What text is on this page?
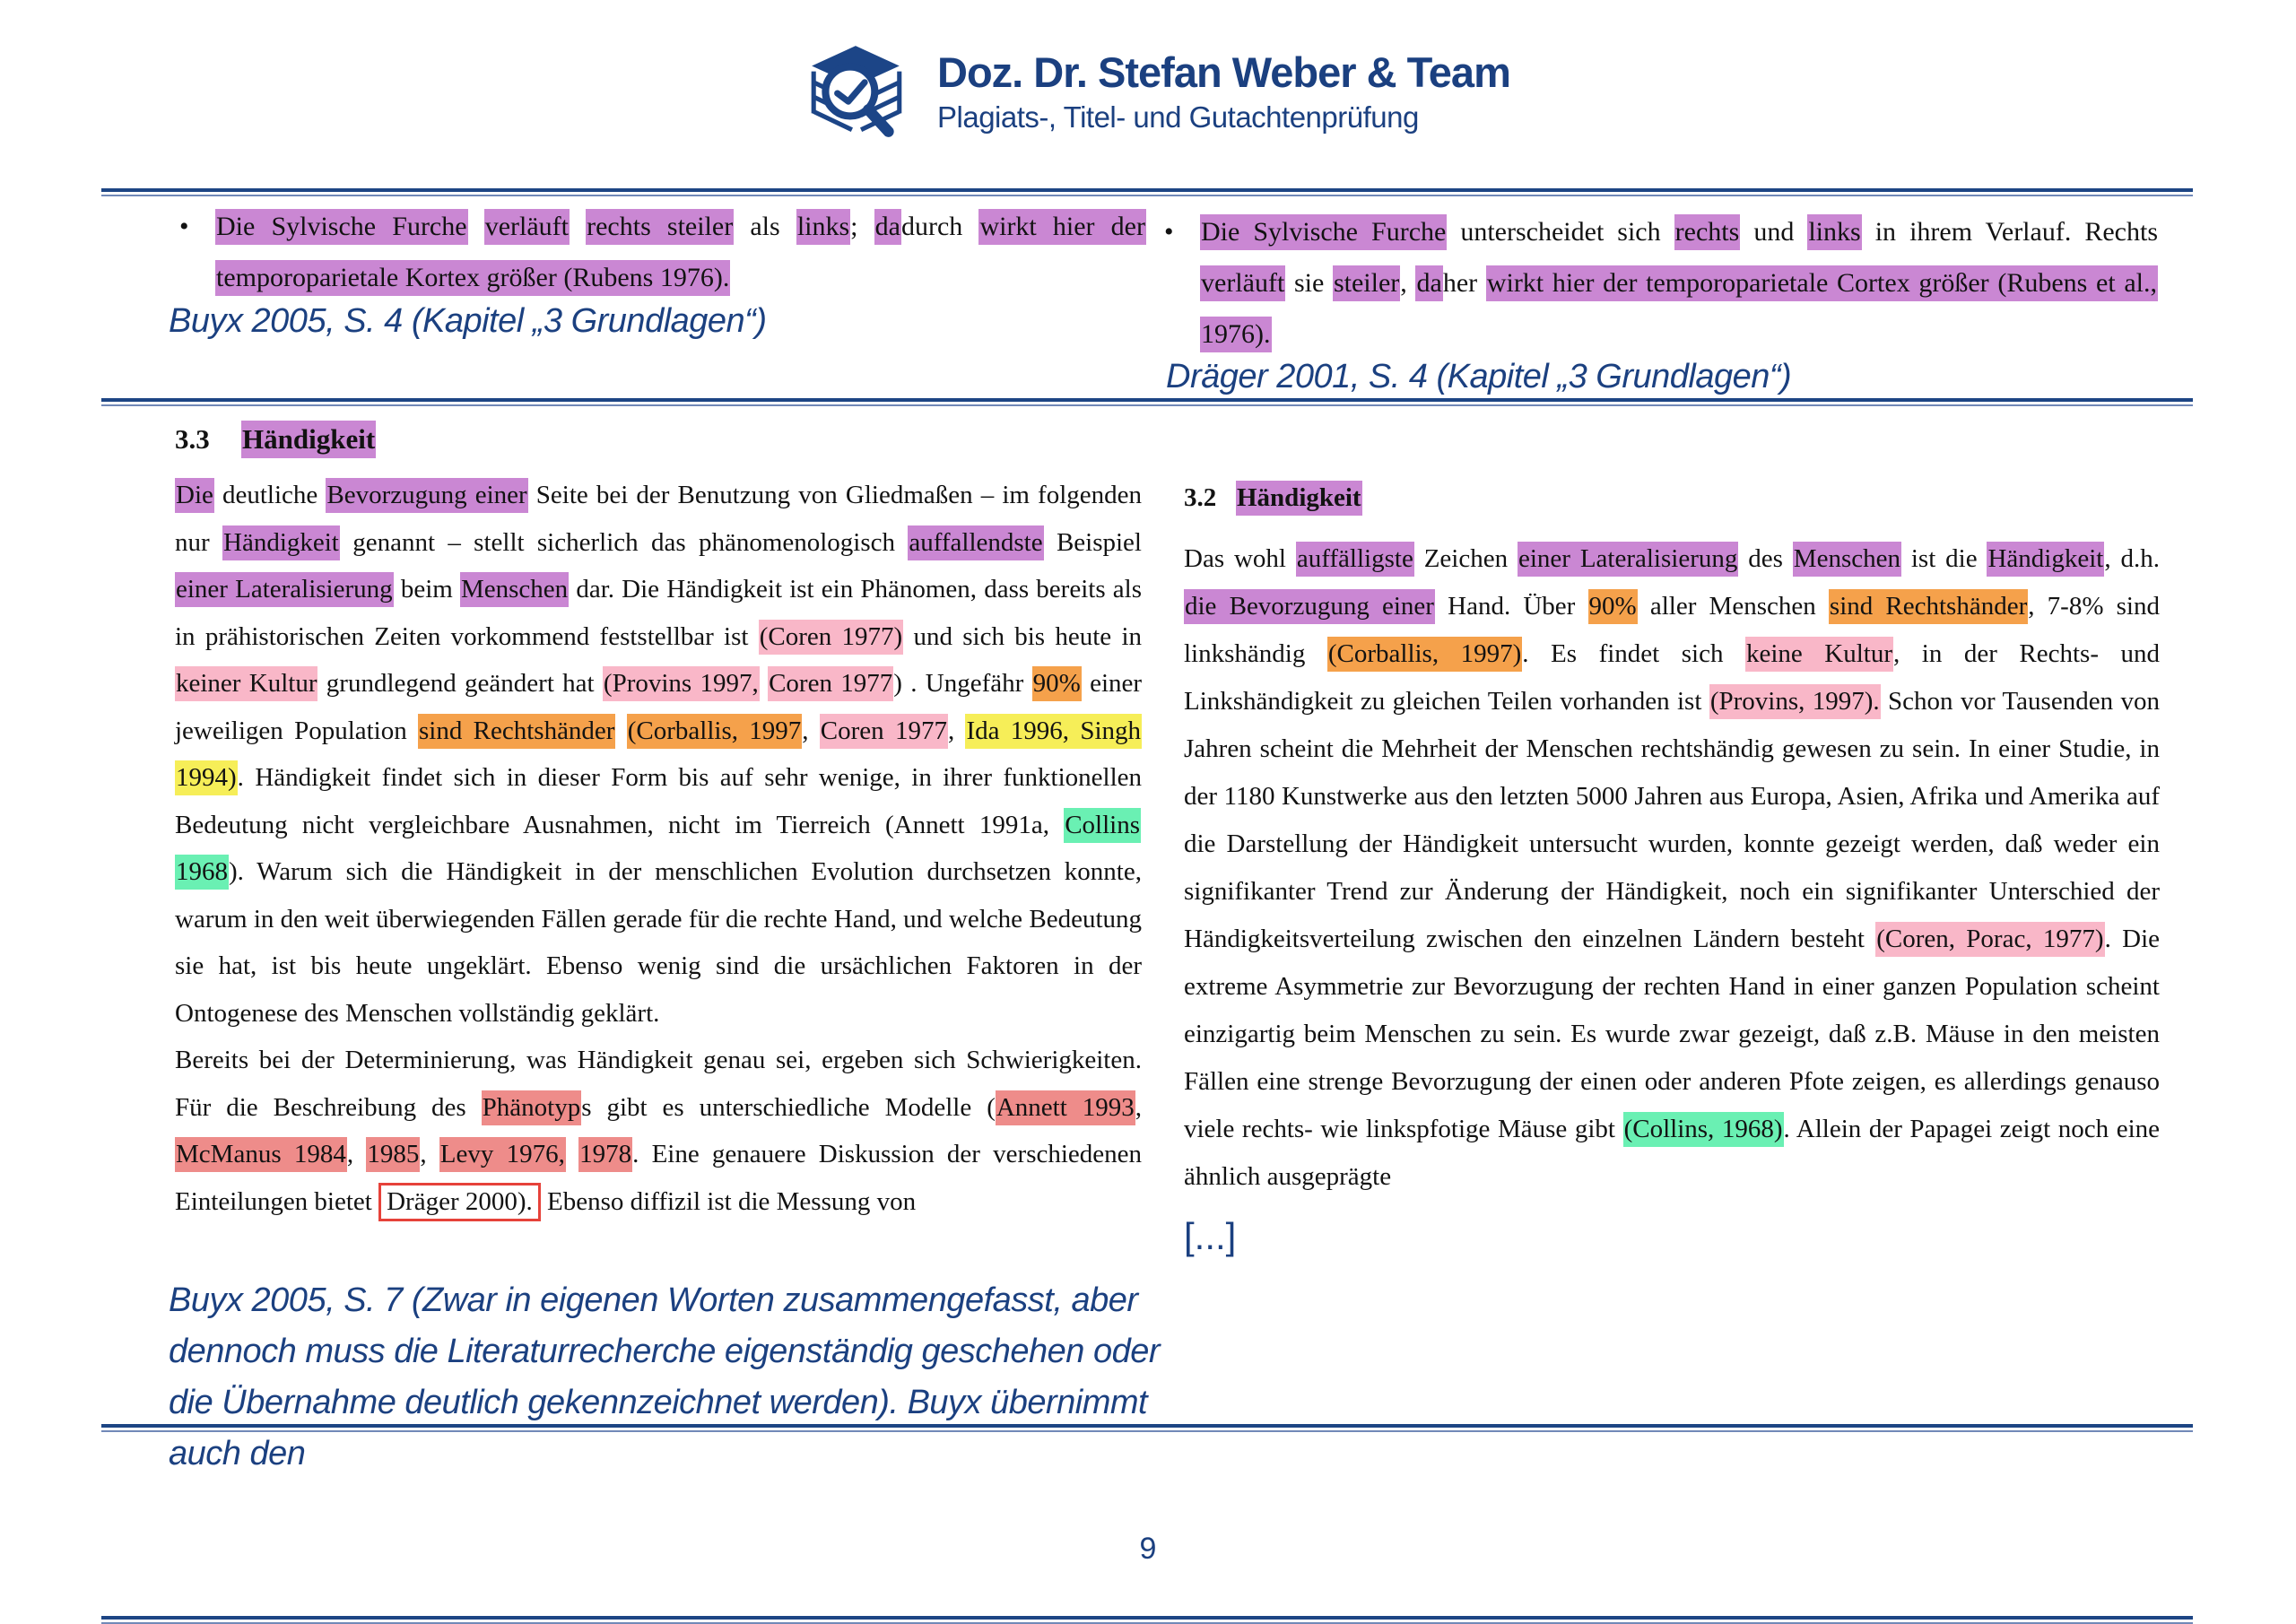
Doz. Dr. Stefan Weber & Team
Plagiats-, Titel- und Gutachtenprüfung
•	Die Sylvische Furche verläuft rechts steiler als links; dadurch wirkt hier der temporoparietale Kortex größer (Rubens 1976).
Buyx 2005, S. 4 (Kapitel „3 Grundlagen“)
•	Die Sylvische Furche unterscheidet sich rechts und links in ihrem Verlauf. Rechts verläuft sie steiler, daher wirkt hier der temporoparietale Cortex größer (Rubens et al., 1976).
Dräger 2001, S. 4 (Kapitel „3 Grundlagen“)
3.3 Händigkeit
Die deutliche Bevorzugung einer Seite bei der Benutzung von Gliedmaßen – im folgenden nur Händigkeit genannt – stellt sicherlich das phänomenologisch auffallendste Beispiel einer Lateralisierung beim Menschen dar. Die Händigkeit ist ein Phänomen, dass bereits als in prähistorischen Zeiten vorkommend feststellbar ist (Coren 1977) und sich bis heute in keiner Kultur grundlegend geändert hat (Provins 1997, Coren 1977) . Ungefähr 90% einer jeweiligen Population sind Rechtshänder (Corballis, 1997, Coren 1977, Ida 1996, Singh 1994). Händigkeit findet sich in dieser Form bis auf sehr wenige, in ihrer funktionellen Bedeutung nicht vergleichbare Ausnahmen, nicht im Tierreich (Annett 1991a, Collins 1968). Warum sich die Händigkeit in der menschlichen Evolution durchsetzen konnte, warum in den weit überwiegenden Fällen gerade für die rechte Hand, und welche Bedeutung sie hat, ist bis heute ungeklärt. Ebenso wenig sind die ursächlichen Faktoren in der Ontogenese des Menschen vollständig geklärt.
Bereits bei der Determinierung, was Händigkeit genau sei, ergeben sich Schwierigkeiten. Für die Beschreibung des Phänotyps gibt es unterschiedliche Modelle (Annett 1993, McManus 1984, 1985, Levy 1976, 1978. Eine genauere Diskussion der verschiedenen Einteilungen bietet Dräger 2000). Ebenso diffizil ist die Messung von
Buyx 2005, S. 7 (Zwar in eigenen Worten zusammengefasst, aber dennoch muss die Literaturrecherche eigenständig geschehen oder die Übernahme deutlich gekennzeichnet werden). Buyx übernimmt auch den
3.2 Händigkeit
Das wohl auffälligste Zeichen einer Lateralisierung des Menschen ist die Händigkeit, d.h. die Bevorzugung einer Hand. Über 90% aller Menschen sind Rechtshänder, 7-8% sind linkshändig (Corballis, 1997). Es findet sich keine Kultur, in der Rechts- und Linkshändigkeit zu gleichen Teilen vorhanden ist (Provins, 1997). Schon vor Tausenden von Jahren scheint die Mehrheit der Menschen rechtshändig gewesen zu sein. In einer Studie, in der 1180 Kunstwerke aus den letzten 5000 Jahren aus Europa, Asien, Afrika und Amerika auf die Darstellung der Händigkeit untersucht wurden, konnte gezeigt werden, daß weder ein signifikanter Trend zur Änderung der Händigkeit, noch ein signifikanter Unterschied der Händigkeitsverteilung zwischen den einzelnen Ländern besteht (Coren, Porac, 1977). Die extreme Asymmetrie zur Bevorzugung der rechten Hand in einer ganzen Population scheint einzigartig beim Menschen zu sein. Es wurde zwar gezeigt, daß z.B. Mäuse in den meisten Fällen eine strenge Bevorzugung der einen oder anderen Pfote zeigen, es allerdings genauso viele rechts- wie linkspfotige Mäuse gibt (Collins, 1968). Allein der Papagei zeigt noch eine ähnlich ausgeprägte
[...]
9
